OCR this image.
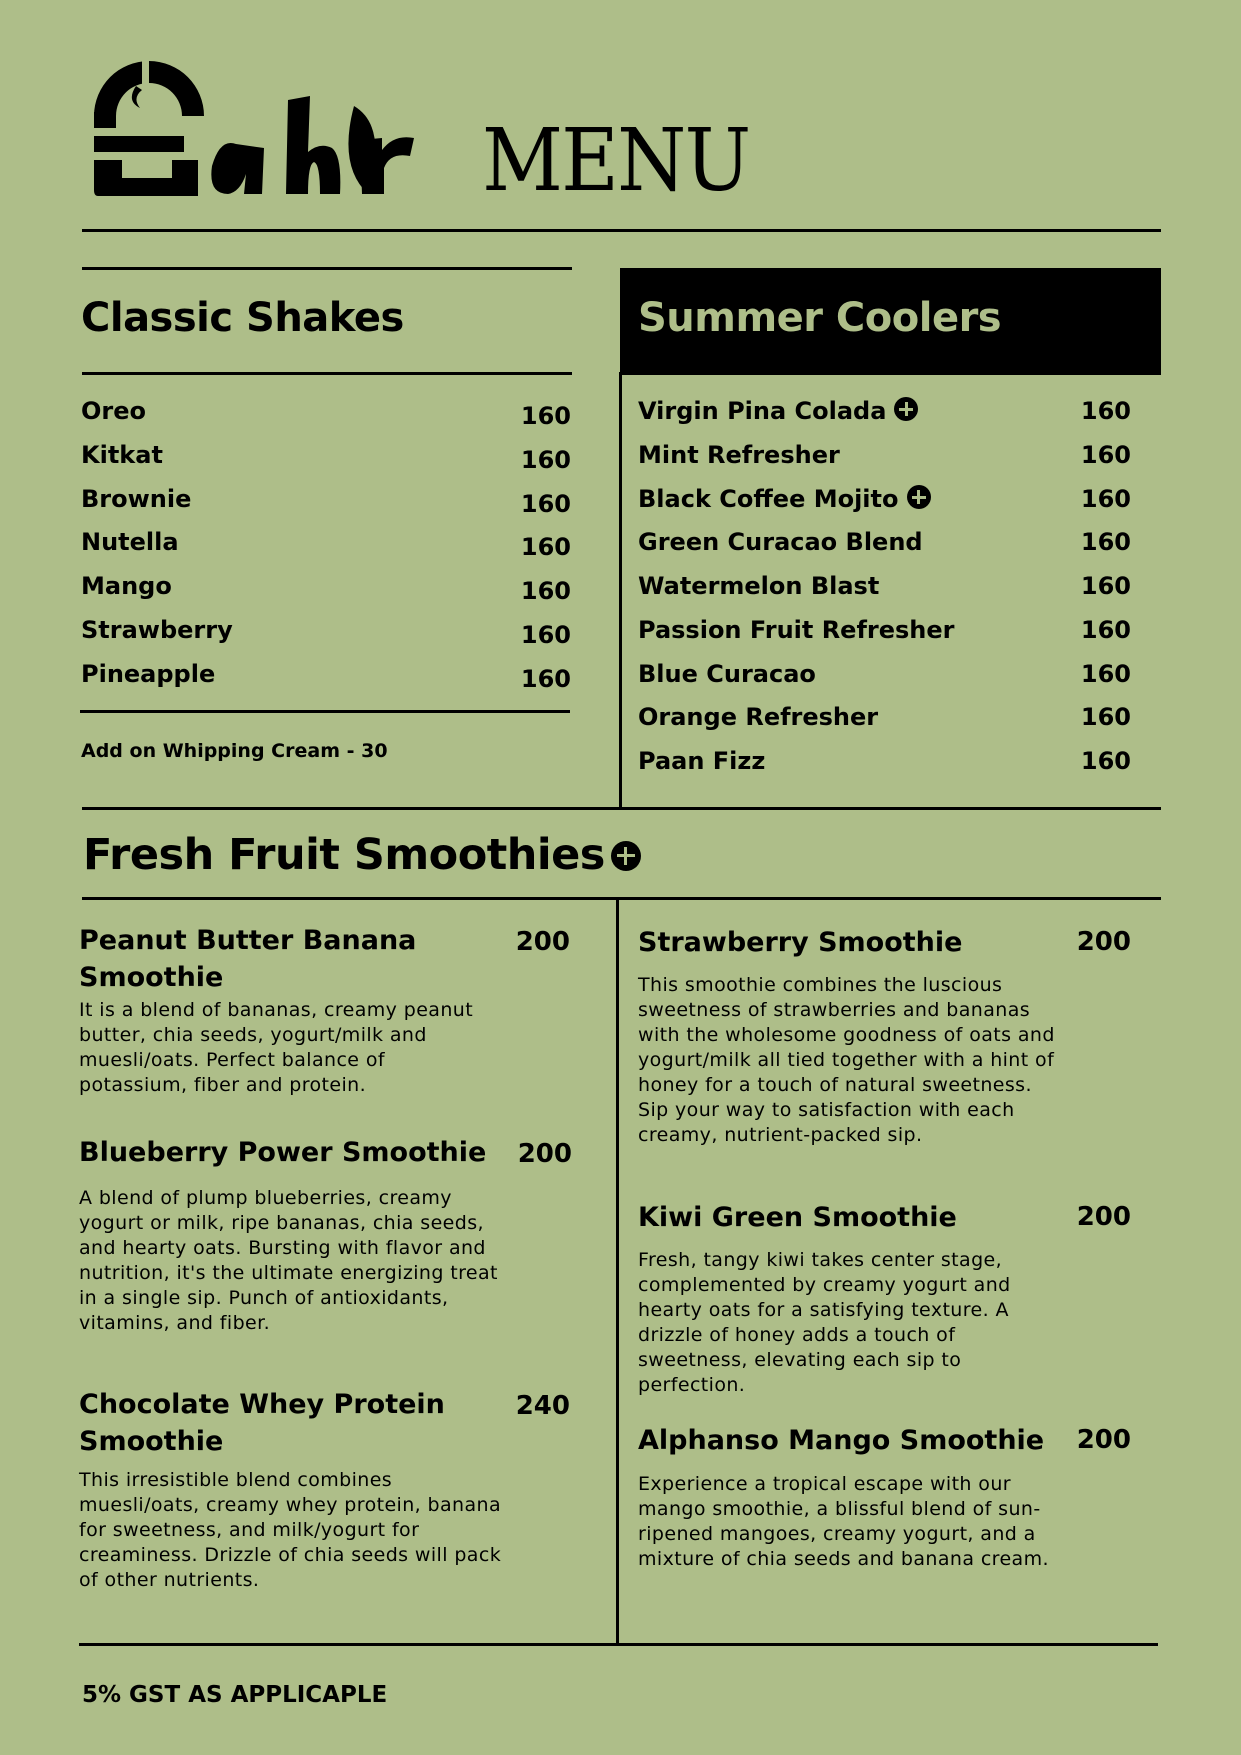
MENU
Classic Shakes
Oreo	160
Kitkat	160
Brownie	160
Nutella	160
Mango	160
Strawberry	160
Pineapple	160
Add on Whipping Cream - 30
Summer Coolers
Virgin Pina Colada	160
Mint Refresher	160
Black Coffee Mojito	160
Green Curacao Blend	160
Watermelon Blast	160
Passion Fruit Refresher	160
Blue Curacao	160
Orange Refresher	160
Paan Fizz	160
Fresh Fruit Smoothies
Peanut Butter Banana Smoothie
200
It is a blend of bananas, creamy peanut butter, chia seeds, yogurt/milk and muesli/oats. Perfect balance of potassium, fiber and protein.
Blueberry Power Smoothie	200
A blend of plump blueberries, creamy yogurt or milk, ripe bananas, chia seeds, and hearty oats. Bursting with flavor and nutrition, it's the ultimate energizing treat in a single sip. Punch of antioxidants, vitamins, and fiber.
Chocolate Whey Protein Smoothie
240
This irresistible blend combines muesli/oats, creamy whey protein, banana for sweetness, and milk/yogurt for creaminess. Drizzle of chia seeds will pack of other nutrients.
Strawberry Smoothie	200
This smoothie combines the luscious sweetness of strawberries and bananas with the wholesome goodness of oats and yogurt/milk all tied together with a hint of honey for a touch of natural sweetness. Sip your way to satisfaction with each creamy, nutrient-packed sip.
Kiwi Green Smoothie	200
Fresh, tangy kiwi takes center stage, complemented by creamy yogurt and hearty oats for a satisfying texture. A drizzle of honey adds a touch of sweetness, elevating each sip to perfection.
Alphanso Mango Smoothie	200
Experience a tropical escape with our mango smoothie, a blissful blend of sun-ripened mangoes, creamy yogurt, and a mixture of chia seeds and banana cream.
5% GST AS APPLICAPLE
